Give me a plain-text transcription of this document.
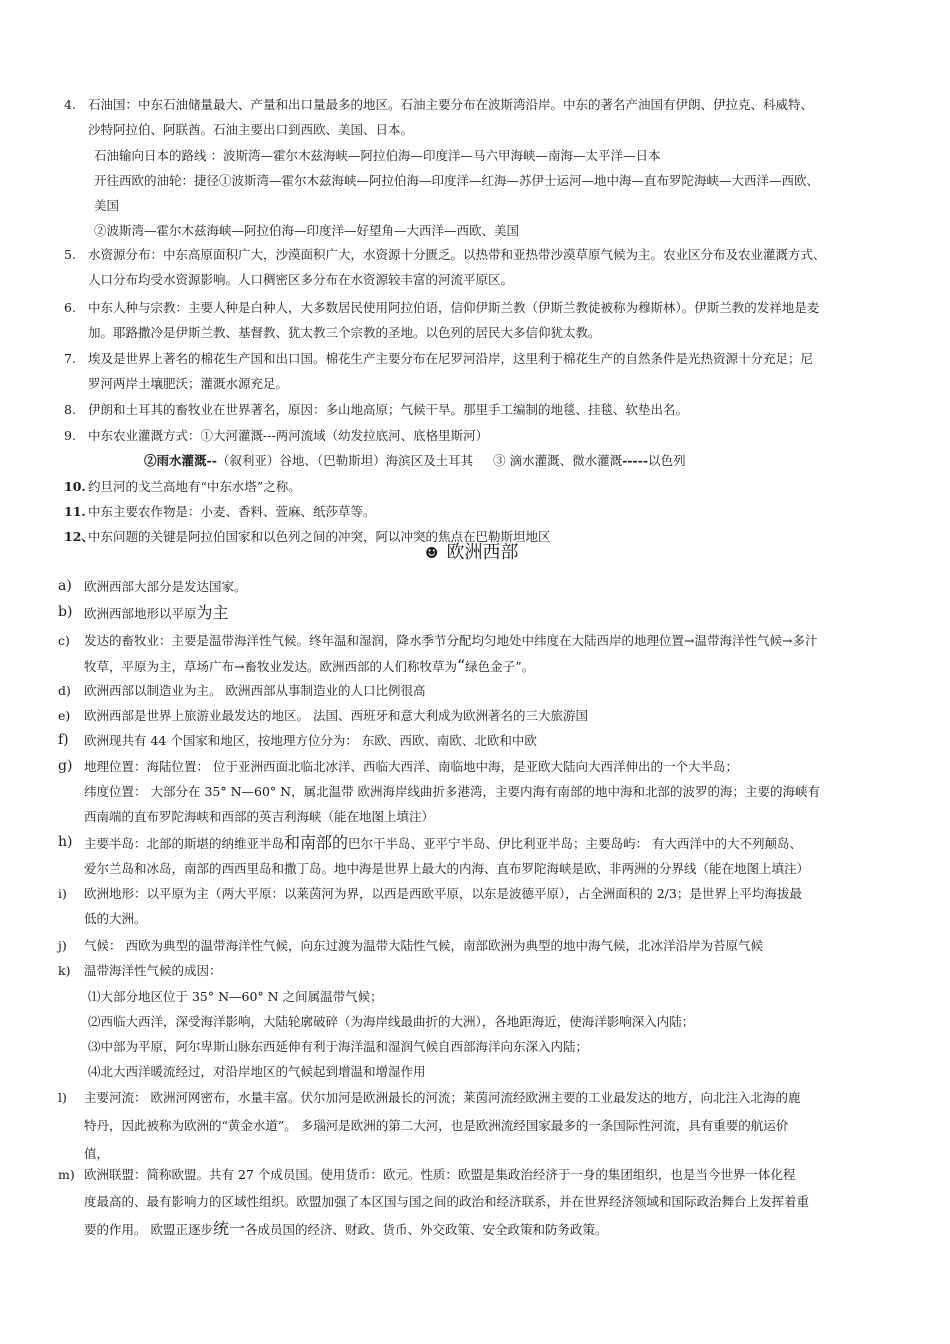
4. 石油国：中东石油储量最大、产量和出口量最多的地区。石油主要分布在波斯湾沿岸。中东的著名产油国有伊朗、伊拉克、科威特、
沙特阿拉伯、阿联酋。石油主要出口到西欧、美国、日本。
石油输向日本的路线 ：波斯湾—霍尔木兹海峡—阿拉伯海—印度洋—马六甲海峡—南海—太平洋—日本
开往西欧的油轮：捷径①波斯湾—霍尔木兹海峡—阿拉伯海—印度洋—红海—苏伊士运河—地中海—直布罗陀海峡—大西洋—西欧、
美国
②波斯湾—霍尔木兹海峡—阿拉伯海—印度洋—好望角—大西洋—西欧、美国
5. 水资源分布：中东高原面积广大，沙漠面积广大，水资源十分匮乏。以热带和亚热带沙漠草原气候为主。农业区分布及农业灌溉方式、
人口分布均受水资源影响。人口稠密区多分布在水资源较丰富的河流平原区。
6. 中东人种与宗教：主要人种是白种人，大多数居民使用阿拉伯语，信仰伊斯兰教（伊斯兰教徒被称为穆斯林）。伊斯兰教的发祥地是麦
加。耶路撒冷是伊斯兰教、基督教、犹太教三个宗教的圣地。以色列的居民大多信仰犹太教。
7. 埃及是世界上著名的棉花生产国和出口国。棉花生产主要分布在尼罗河沿岸，这里利于棉花生产的自然条件是光热资源十分充足；尼
罗河两岸土壤肥沃；灌溉水源充足。
8. 伊朗和土耳其的畜牧业在世界著名，原因：多山地高原；气候干旱。那里手工编制的地毯、挂毯、软垫出名。
9. 中东农业灌溉方式：①大河灌溉---两河流域（幼发拉底河、底格里斯河）
②雨水灌溉--（叙利亚）谷地、（巴勒斯坦）海滨区及土耳其 ③ 滴水灌溉、微水灌溉-----以色列
10. 约旦河的戈兰高地有“中东水塔”之称。
11. 中东主要农作物是：小麦、香料、萱麻、纸莎草等。
12、
中东问题的关键是阿拉伯国家和以色列之间的冲突，阿以冲突的焦点在巴勒斯坦地区
☻ 欧洲西部
a) 欧洲西部大部分是发达国家。
b) 欧洲西部地形以平原为主
c)	发达的畜牧业：主要是温带海洋性气候。终年温和湿润，降水季节分配均匀地处中纬度在大陆西岸的地理位置→温带海洋性气候→多汁
牧草，平原为主，草场广布→畜牧业发达。欧洲西部的人们称牧草为“绿色金子”。
d)	欧洲西部以制造业为主。 欧洲西部从事制造业的人口比例很高
e)	欧洲西部是世界上旅游业最发达的地区。 法国、西班牙和意大利成为欧洲著名的三大旅游国
f)	欧洲现共有 44 个国家和地区，按地理方位分为： 东欧、西欧、南欧、北欧和中欧
g) 地理位置：海陆位置： 位于亚洲西面北临北冰洋、西临大西洋、南临地中海，是亚欧大陆向大西洋伸出的一个大半岛；
纬度位置： 大部分在 35° N—60° N，属北温带 欧洲海岸线曲折多港湾，主要内海有南部的地中海和北部的波罗的海；主要的海峡有
西南端的直布罗陀海峡和西部的英吉利海峡（能在地图上填注）
h) 主要半岛：北部的斯堪的纳维亚半岛和南部的巴尔干半岛、亚平宁半岛、伊比利亚半岛；主要岛屿： 有大西洋中的大不列颠岛、
爱尔兰岛和冰岛，南部的西西里岛和撒丁岛。地中海是世界上最大的内海、直布罗陀海峡是欧、非两洲的分界线（能在地图上填注）
i)	欧洲地形：以平原为主（两大平原：以莱茵河为界，以西是西欧平原，以东是波德平原），占全洲面积的 2/3；是世界上平均海拔最
低的大洲。
j)	气候： 西欧为典型的温带海洋性气候，向东过渡为温带大陆性气候，南部欧洲为典型的地中海气候，北冰洋沿岸为苔原气候
k)	温带海洋性气候的成因：
⑴大部分地区位于 35° N—60° N 之间属温带气候；
⑵西临大西洋，深受海洋影响，大陆轮廓破碎（为海岸线最曲折的大洲），各地距海近，使海洋影响深入内陆；
⑶中部为平原，阿尔卑斯山脉东西延伸有利于海洋温和湿润气候自西部海洋向东深入内陆；
⑷北大西洋暖流经过，对沿岸地区的气候起到增温和增湿作用
l)	主要河流： 欧洲河网密布，水量丰富。伏尔加河是欧洲最长的河流；莱茵河流经欧洲主要的工业最发达的地方，向北注入北海的鹿
特丹，因此被称为欧洲的“黄金水道”。 多瑙河是欧洲的第二大河，也是欧洲流经国家最多的一条国际性河流，具有重要的航运价
值，
m) 欧洲联盟：简称欧盟。共有 27 个成员国。使用货币：欧元。性质：欧盟是集政治经济于一身的集团组织，也是当今世界一体化程
度最高的、最有影响力的区域性组织。欧盟加强了本区国与国之间的政治和经济联系，并在世界经济领域和国际政治舞台上发挥着重
要的作用。 欧盟正逐步统一各成员国的经济、财政、货币、外交政策、安全政策和防务政策。
